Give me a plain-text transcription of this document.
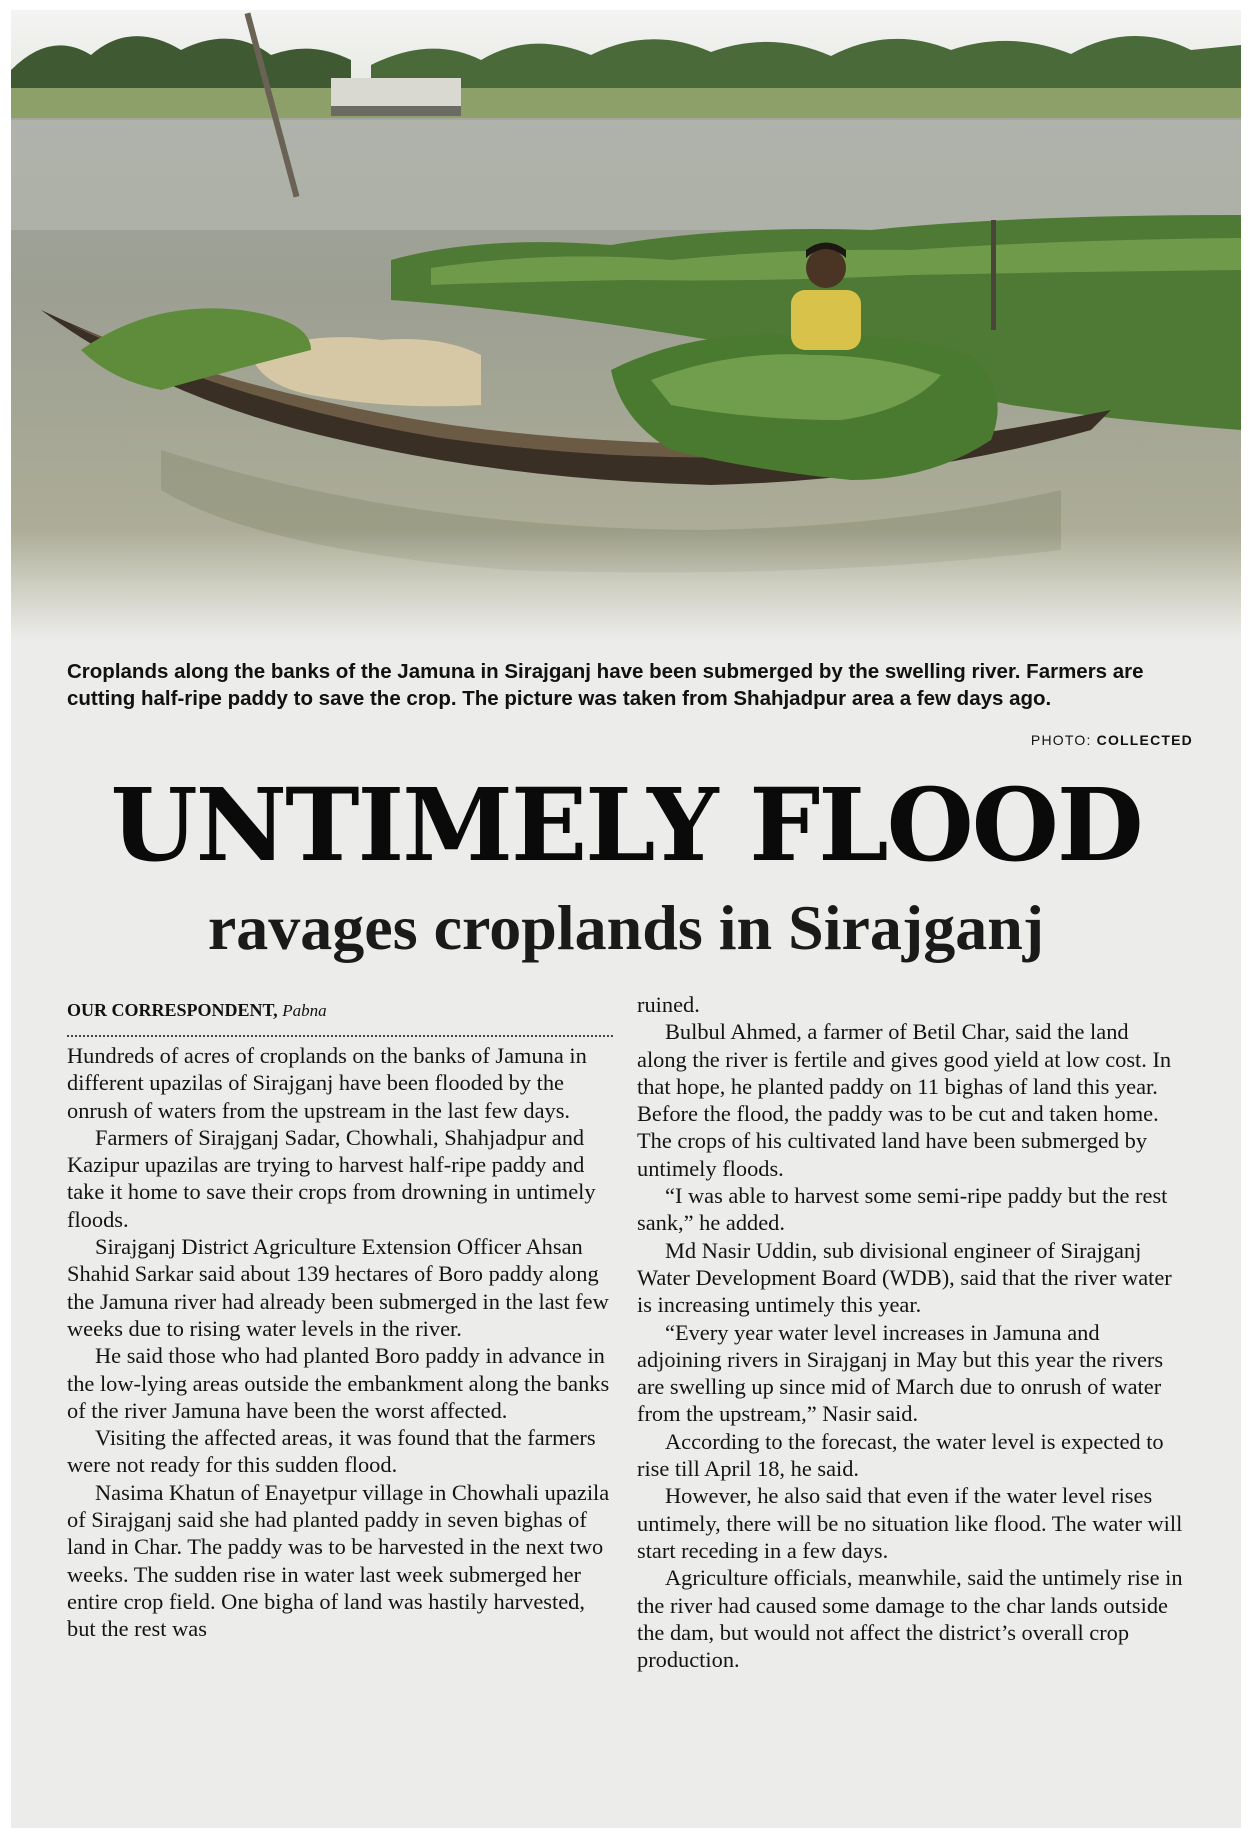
Croplands along the banks of the Jamuna in Sirajganj have been submerged by the swelling river. Farmers are cutting half-ripe paddy to save the crop. The picture was taken from Shahjadpur area a few days ago.

PHOTO: COLLECTED
UNTIMELY FLOOD
ravages croplands in Sirajganj
OUR CORRESPONDENT, Pabna

Hundreds of acres of croplands on the banks of Jamuna in different upazilas of Sirajganj have been flooded by the onrush of waters from the upstream in the last few days.

Farmers of Sirajganj Sadar, Chowhali, Shahjadpur and Kazipur upazilas are trying to harvest half-ripe paddy and take it home to save their crops from drowning in untimely floods.

Sirajganj District Agriculture Extension Officer Ahsan Shahid Sarkar said about 139 hectares of Boro paddy along the Jamuna river had already been submerged in the last few weeks due to rising water levels in the river.

He said those who had planted Boro paddy in advance in the low-lying areas outside the embankment along the banks of the river Jamuna have been the worst affected.

Visiting the affected areas, it was found that the farmers were not ready for this sudden flood.

Nasima Khatun of Enayetpur village in Chowhali upazila of Sirajganj said she had planted paddy in seven bighas of land in Char. The paddy was to be harvested in the next two weeks. The sudden rise in water last week submerged her entire crop field. One bigha of land was hastily harvested, but the rest was

ruined.

Bulbul Ahmed, a farmer of Betil Char, said the land along the river is fertile and gives good yield at low cost. In that hope, he planted paddy on 11 bighas of land this year. Before the flood, the paddy was to be cut and taken home. The crops of his cultivated land have been submerged by untimely floods.

“I was able to harvest some semi-ripe paddy but the rest sank,” he added.

Md Nasir Uddin, sub divisional engineer of Sirajganj Water Development Board (WDB), said that the river water is increasing untimely this year.

“Every year water level increases in Jamuna and adjoining rivers in Sirajganj in May but this year the rivers are swelling up since mid of March due to onrush of water from the upstream,” Nasir said.

According to the forecast, the water level is expected to rise till April 18, he said.

However, he also said that even if the water level rises untimely, there will be no situation like flood. The water will start receding in a few days.

Agriculture officials, meanwhile, said the untimely rise in the river had caused some damage to the char lands outside the dam, but would not affect the district’s overall crop production.
